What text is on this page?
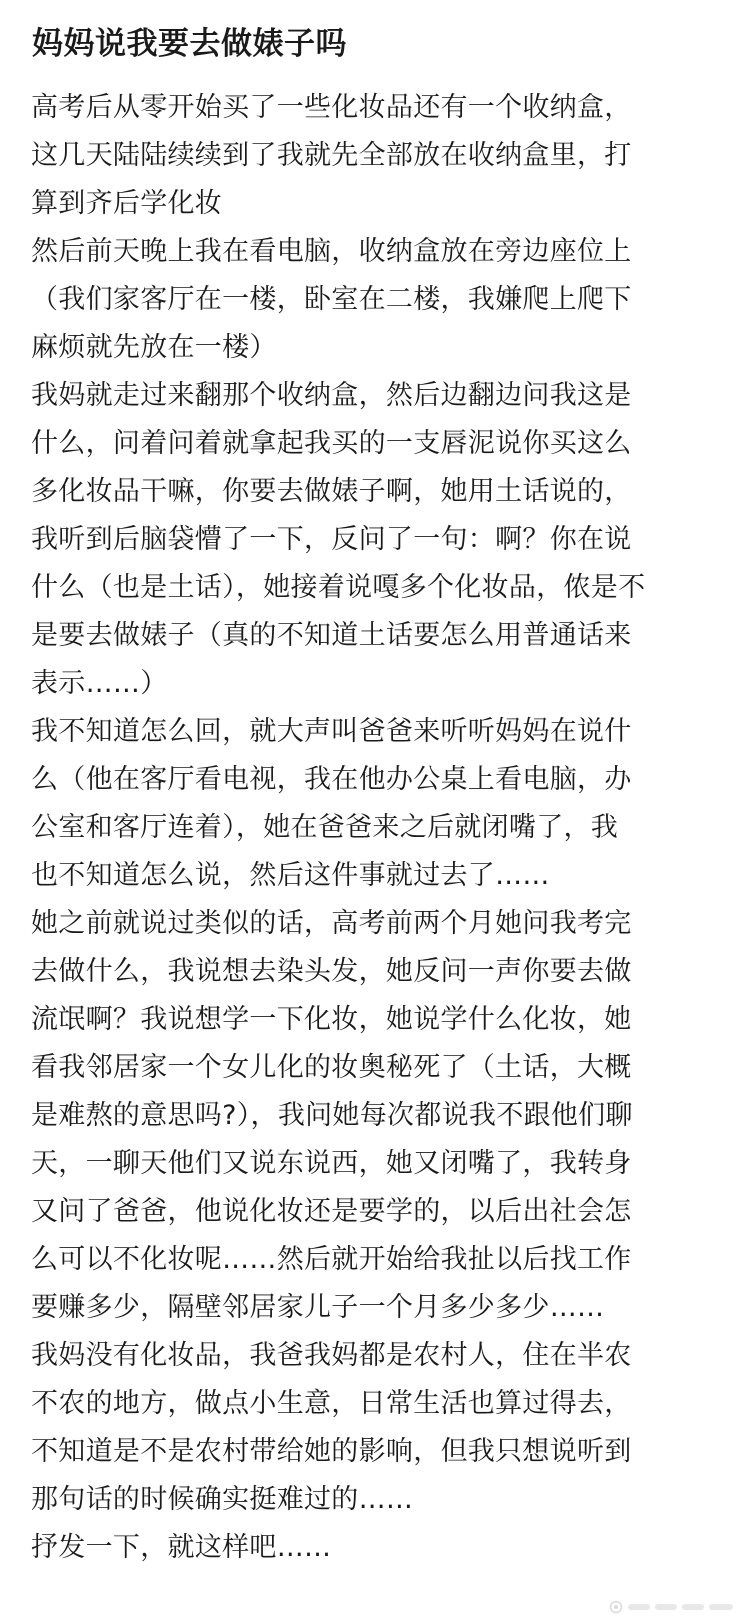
妈妈说我要去做婊子吗

高考后从零开始买了一些化妆品还有一个收纳盒，

这几天陆陆续续到了我就先全部放在收纳盒里，打

算到齐后学化妆

然后前天晚上我在看电脑，收纳盒放在旁边座位上

（我们家客厅在一楼，卧室在二楼，我嫌爬上爬下

麻烦就先放在一楼）

我妈就走过来翻那个收纳盒，然后边翻边问我这是

什么，问着问着就拿起我买的一支唇泥说你买这么

多化妆品干嘛，你要去做婊子啊，她用土话说的，

我听到后脑袋懵了一下，反问了一句：啊？你在说

什么（也是土话），她接着说嘎多个化妆品，侬是不

是要去做婊子（真的不知道土话要怎么用普通话来

表示……）

我不知道怎么回，就大声叫爸爸来听听妈妈在说什

么（他在客厅看电视，我在他办公桌上看电脑，办

公室和客厅连着），她在爸爸来之后就闭嘴了，我

也不知道怎么说，然后这件事就过去了……

她之前就说过类似的话，高考前两个月她问我考完

去做什么，我说想去染头发，她反问一声你要去做

流氓啊？我说想学一下化妆，她说学什么化妆，她

看我邻居家一个女儿化的妆奥秘死了（土话，大概

是难熬的意思吗?），我问她每次都说我不跟他们聊

天，一聊天他们又说东说西，她又闭嘴了，我转身

又问了爸爸，他说化妆还是要学的，以后出社会怎

么可以不化妆呢……然后就开始给我扯以后找工作

要赚多少，隔壁邻居家儿子一个月多少多少……

我妈没有化妆品，我爸我妈都是农村人，住在半农

不农的地方，做点小生意，日常生活也算过得去，

不知道是不是农村带给她的影响，但我只想说听到

那句话的时候确实挺难过的……

抒发一下，就这样吧……
